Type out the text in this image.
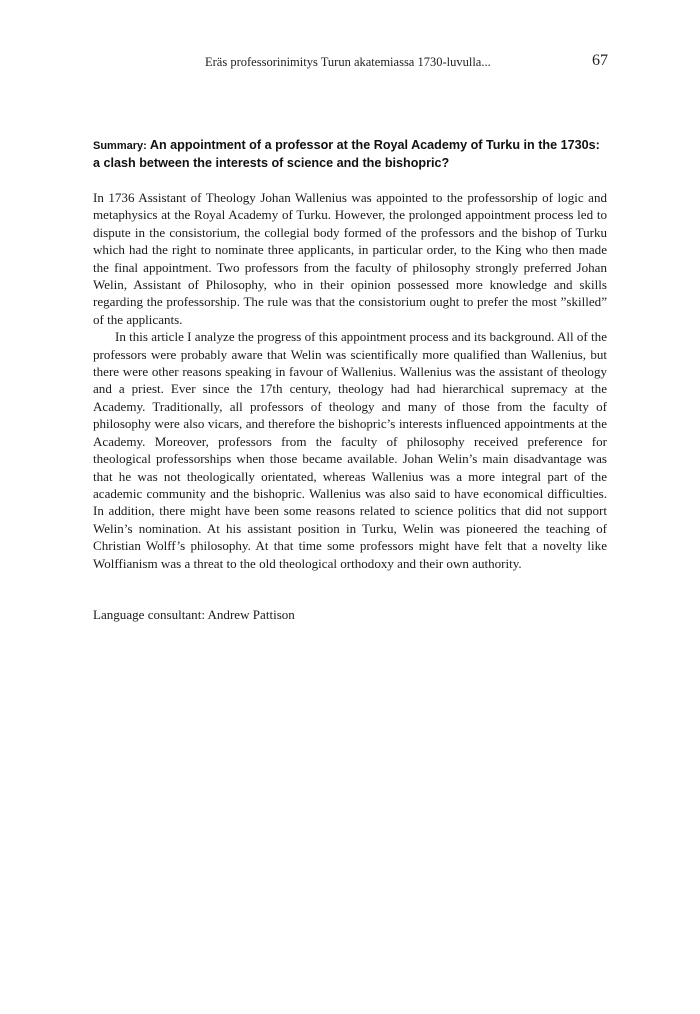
Eräs professorinimitys Turun akatemiassa 1730-luvulla...	67
Summary: An appointment of a professor at the Royal Academy of Turku in the 1730s: a clash between the interests of science and the bishopric?

In 1736 Assistant of Theology Johan Wallenius was appointed to the professorship of logic and metaphysics at the Royal Academy of Turku. However, the prolonged appointment process led to dispute in the consistorium, the collegial body formed of the professors and the bishop of Turku which had the right to nominate three applicants, in particular order, to the King who then made the final appointment. Two professors from the faculty of philosophy strongly preferred Johan Welin, Assistant of Philosophy, who in their opinion possessed more knowledge and skills regarding the professorship. The rule was that the consistorium ought to prefer the most ”skilled” of the applicants.

In this article I analyze the progress of this appointment process and its background. All of the professors were probably aware that Welin was scientifically more qualified than Wallenius, but there were other reasons speaking in favour of Wallenius. Wallenius was the assistant of theology and a priest. Ever since the 17th century, theology had had hierarchical supremacy at the Academy. Traditionally, all professors of theology and many of those from the faculty of philosophy were also vicars, and therefore the bishopric’s interests influenced appointments at the Academy. Moreover, professors from the faculty of philosophy received preference for theological professorships when those became available. Johan Welin’s main disadvantage was that he was not theologically orientated, whereas Wallenius was a more integral part of the academic community and the bishopric. Wallenius was also said to have economical difficulties. In addition, there might have been some reasons related to science politics that did not support Welin’s nomination. At his assistant position in Turku, Welin was pioneered the teaching of Christian Wolff’s philosophy. At that time some professors might have felt that a novelty like Wolffianism was a threat to the old theological orthodoxy and their own authority.

Language consultant: Andrew Pattison
